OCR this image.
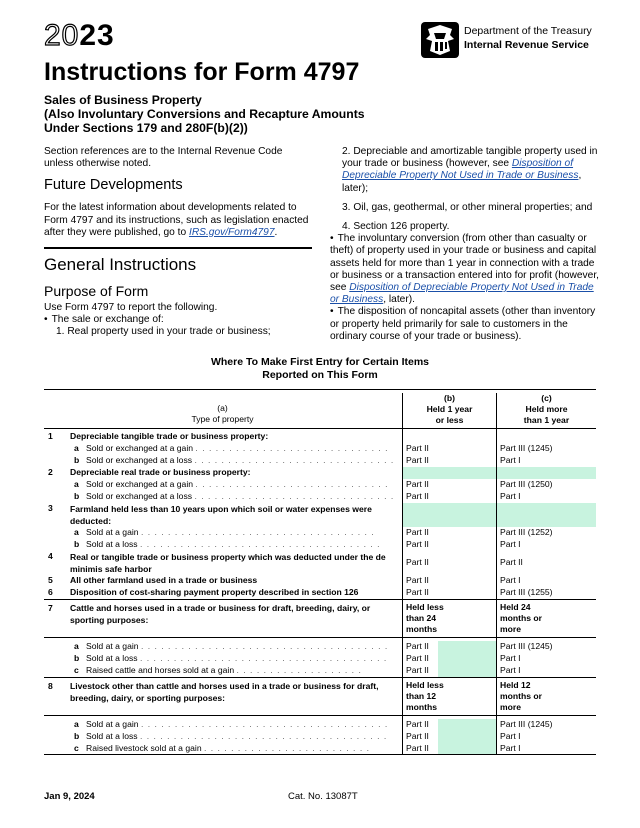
2023
Instructions for Form 4797
Sales of Business Property
(Also Involuntary Conversions and Recapture Amounts
Under Sections 179 and 280F(b)(2))
Department of the Treasury
Internal Revenue Service

Section references are to the Internal Revenue Code unless otherwise noted.

Future Developments

For the latest information about developments related to Form 4797 and its instructions, such as legislation enacted after they were published, go to IRS.gov/Form4797.

General Instructions
Purpose of Form

Use Form 4797 to report the following.

• The sale or exchange of:

1. Real property used in your trade or business;

2. Depreciable and amortizable tangible property used in your trade or business (however, see Disposition of Depreciable Property Not Used in Trade or Business, later);

3. Oil, gas, geothermal, or other mineral properties; and

4. Section 126 property.

• The involuntary conversion (from other than casualty or theft) of property used in your trade or business and capital assets held for more than 1 year in connection with a trade or business or a transaction entered into for profit (however, see Disposition of Depreciable Property Not Used in Trade or Business, later).

• The disposition of noncapital assets (other than inventory or property held primarily for sale to customers in the ordinary course of your trade or business).

Where To Make First Entry for Certain Items
Reported on This Form
(a)
Type of property
(b)
Held 1 year
or less
(c)
Held more
than 1 year
1	Depreciable tangible trade or business property:
a Sold or exchanged at a gain . . . . . . . . . . . . . . . . . . . . . . . . . . . . .	Part II	Part III (1245)
b Sold or exchanged at a loss . . . . . . . . . . . . . . . . . . . . . . . . . . . . . .	Part II	Part I
2	Depreciable real trade or business property:
a Sold or exchanged at a gain . . . . . . . . . . . . . . . . . . . . . . . . . . . . .	Part II	Part III (1250)
b Sold or exchanged at a loss . . . . . . . . . . . . . . . . . . . . . . . . . . . . . .	Part II	Part I
3	Farmland held less than 10 years upon which soil or water expenses were deducted:
a Sold at a gain . . . . . . . . . . . . . . . . . . . . . . . . . . . . . . . . . . .	Part II	Part III (1252)
b Sold at a loss . . . . . . . . . . . . . . . . . . . . . . . . . . . . . . . . . . . .	Part II	Part I
4	Real or tangible trade or business property which was deducted under the de minimis safe harbor
Part II	Part II
5	All other farmland used in a trade or business	Part II	Part I
6	Disposition of cost-sharing payment property described in section 126	Part II	Part III (1255)
7	Cattle and horses used in a trade or business for draft, breeding, dairy, or sporting purposes:
Held less than 24 months
Held 24 months or more
a Sold at a gain . . . . . . . . . . . . . . . . . . . . . . . . . . . . . . . . . . . . .	Part II	Part III (1245)
b Sold at a loss . . . . . . . . . . . . . . . . . . . . . . . . . . . . . . . . . . . . .	Part II	Part I
c Raised cattle and horses sold at a gain . . . . . . . . . . . . . . . . . . .	Part II	Part I
8	Livestock other than cattle and horses used in a trade or business for draft, breeding, dairy, or sporting purposes:
Held less than 12 months
Held 12 months or more
a Sold at a gain . . . . . . . . . . . . . . . . . . . . . . . . . . . . . . . . . . . . .	Part II	Part III (1245)
b Sold at a loss . . . . . . . . . . . . . . . . . . . . . . . . . . . . . . . . . . . . .	Part II	Part I
c Raised livestock sold at a gain . . . . . . . . . . . . . . . . . . . . . . . . .	Part II	Part I
Jan 9, 2024	Cat. No. 13087T
